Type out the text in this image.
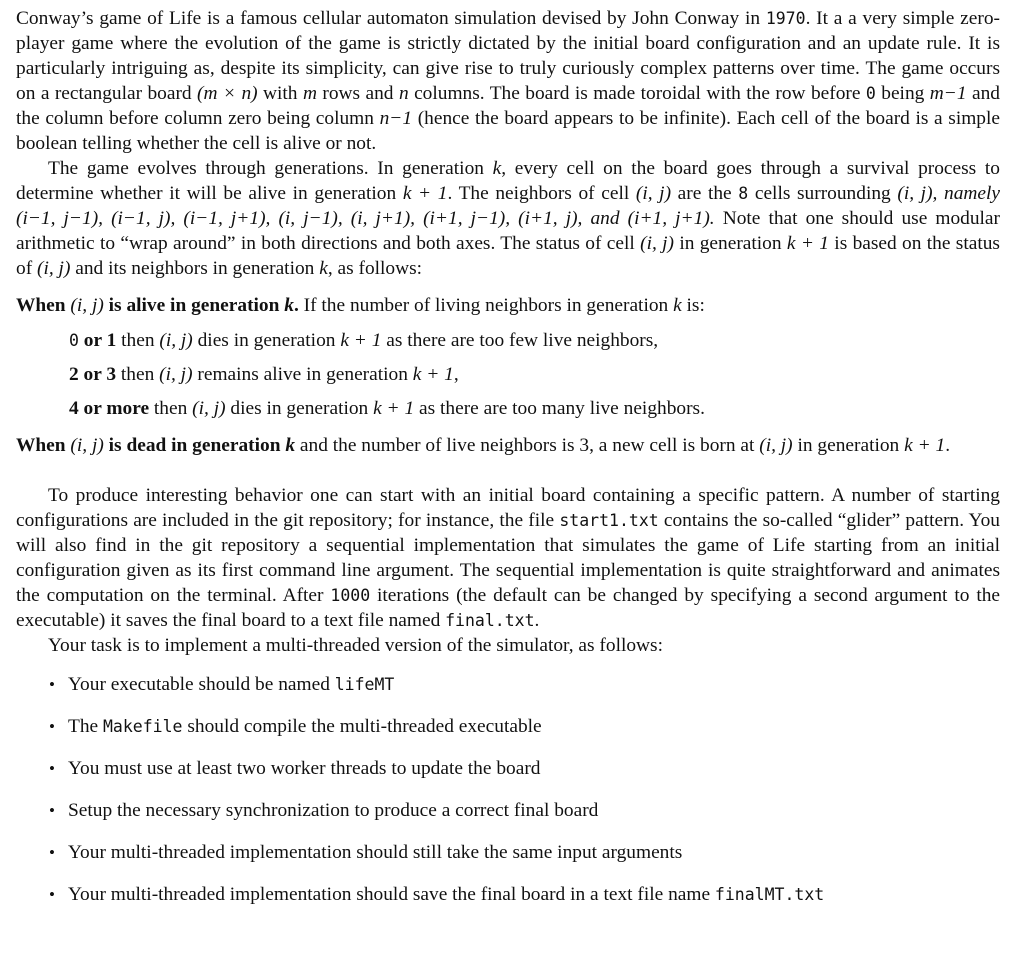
Conway’s game of Life is a famous cellular automaton simulation devised by John Conway in 1970. It a a very simple zero-player game where the evolution of the game is strictly dictated by the initial board configuration and an update rule. It is particularly intriguing as, despite its simplicity, can give rise to truly curiously complex patterns over time. The game occurs on a rectangular board (m × n) with m rows and n columns. The board is made toroidal with the row before 0 being m−1 and the column before column zero being column n−1 (hence the board appears to be infinite). Each cell of the board is a simple boolean telling whether the cell is alive or not.

The game evolves through generations. In generation k, every cell on the board goes through a survival process to determine whether it will be alive in generation k + 1. The neighbors of cell (i, j) are the 8 cells surrounding (i, j), namely (i−1, j−1), (i−1, j), (i−1, j+1), (i, j−1), (i, j+1), (i+1, j−1), (i+1, j), and (i+1, j+1). Note that one should use modular arithmetic to “wrap around” in both directions and both axes. The status of cell (i, j) in generation k + 1 is based on the status of (i, j) and its neighbors in generation k, as follows:

When (i, j) is alive in generation k. If the number of living neighbors in generation k is:

0 or 1 then (i, j) dies in generation k + 1 as there are too few live neighbors,
2 or 3 then (i, j) remains alive in generation k + 1,
4 or more then (i, j) dies in generation k + 1 as there are too many live neighbors.

When (i, j) is dead in generation k and the number of live neighbors is 3, a new cell is born at (i, j) in generation k + 1.

To produce interesting behavior one can start with an initial board containing a specific pattern. A number of starting configurations are included in the git repository; for instance, the file start1.txt contains the so-called “glider” pattern. You will also find in the git repository a sequential implementation that simulates the game of Life starting from an initial configuration given as its first command line argument. The sequential implementation is quite straightforward and animates the computation on the terminal. After 1000 iterations (the default can be changed by specifying a second argument to the executable) it saves the final board to a text file named final.txt.

Your task is to implement a multi-threaded version of the simulator, as follows:

• Your executable should be named lifeMT
• The Makefile should compile the multi-threaded executable
• You must use at least two worker threads to update the board
• Setup the necessary synchronization to produce a correct final board
• Your multi-threaded implementation should still take the same input arguments
• Your multi-threaded implementation should save the final board in a text file name finalMT.txt
